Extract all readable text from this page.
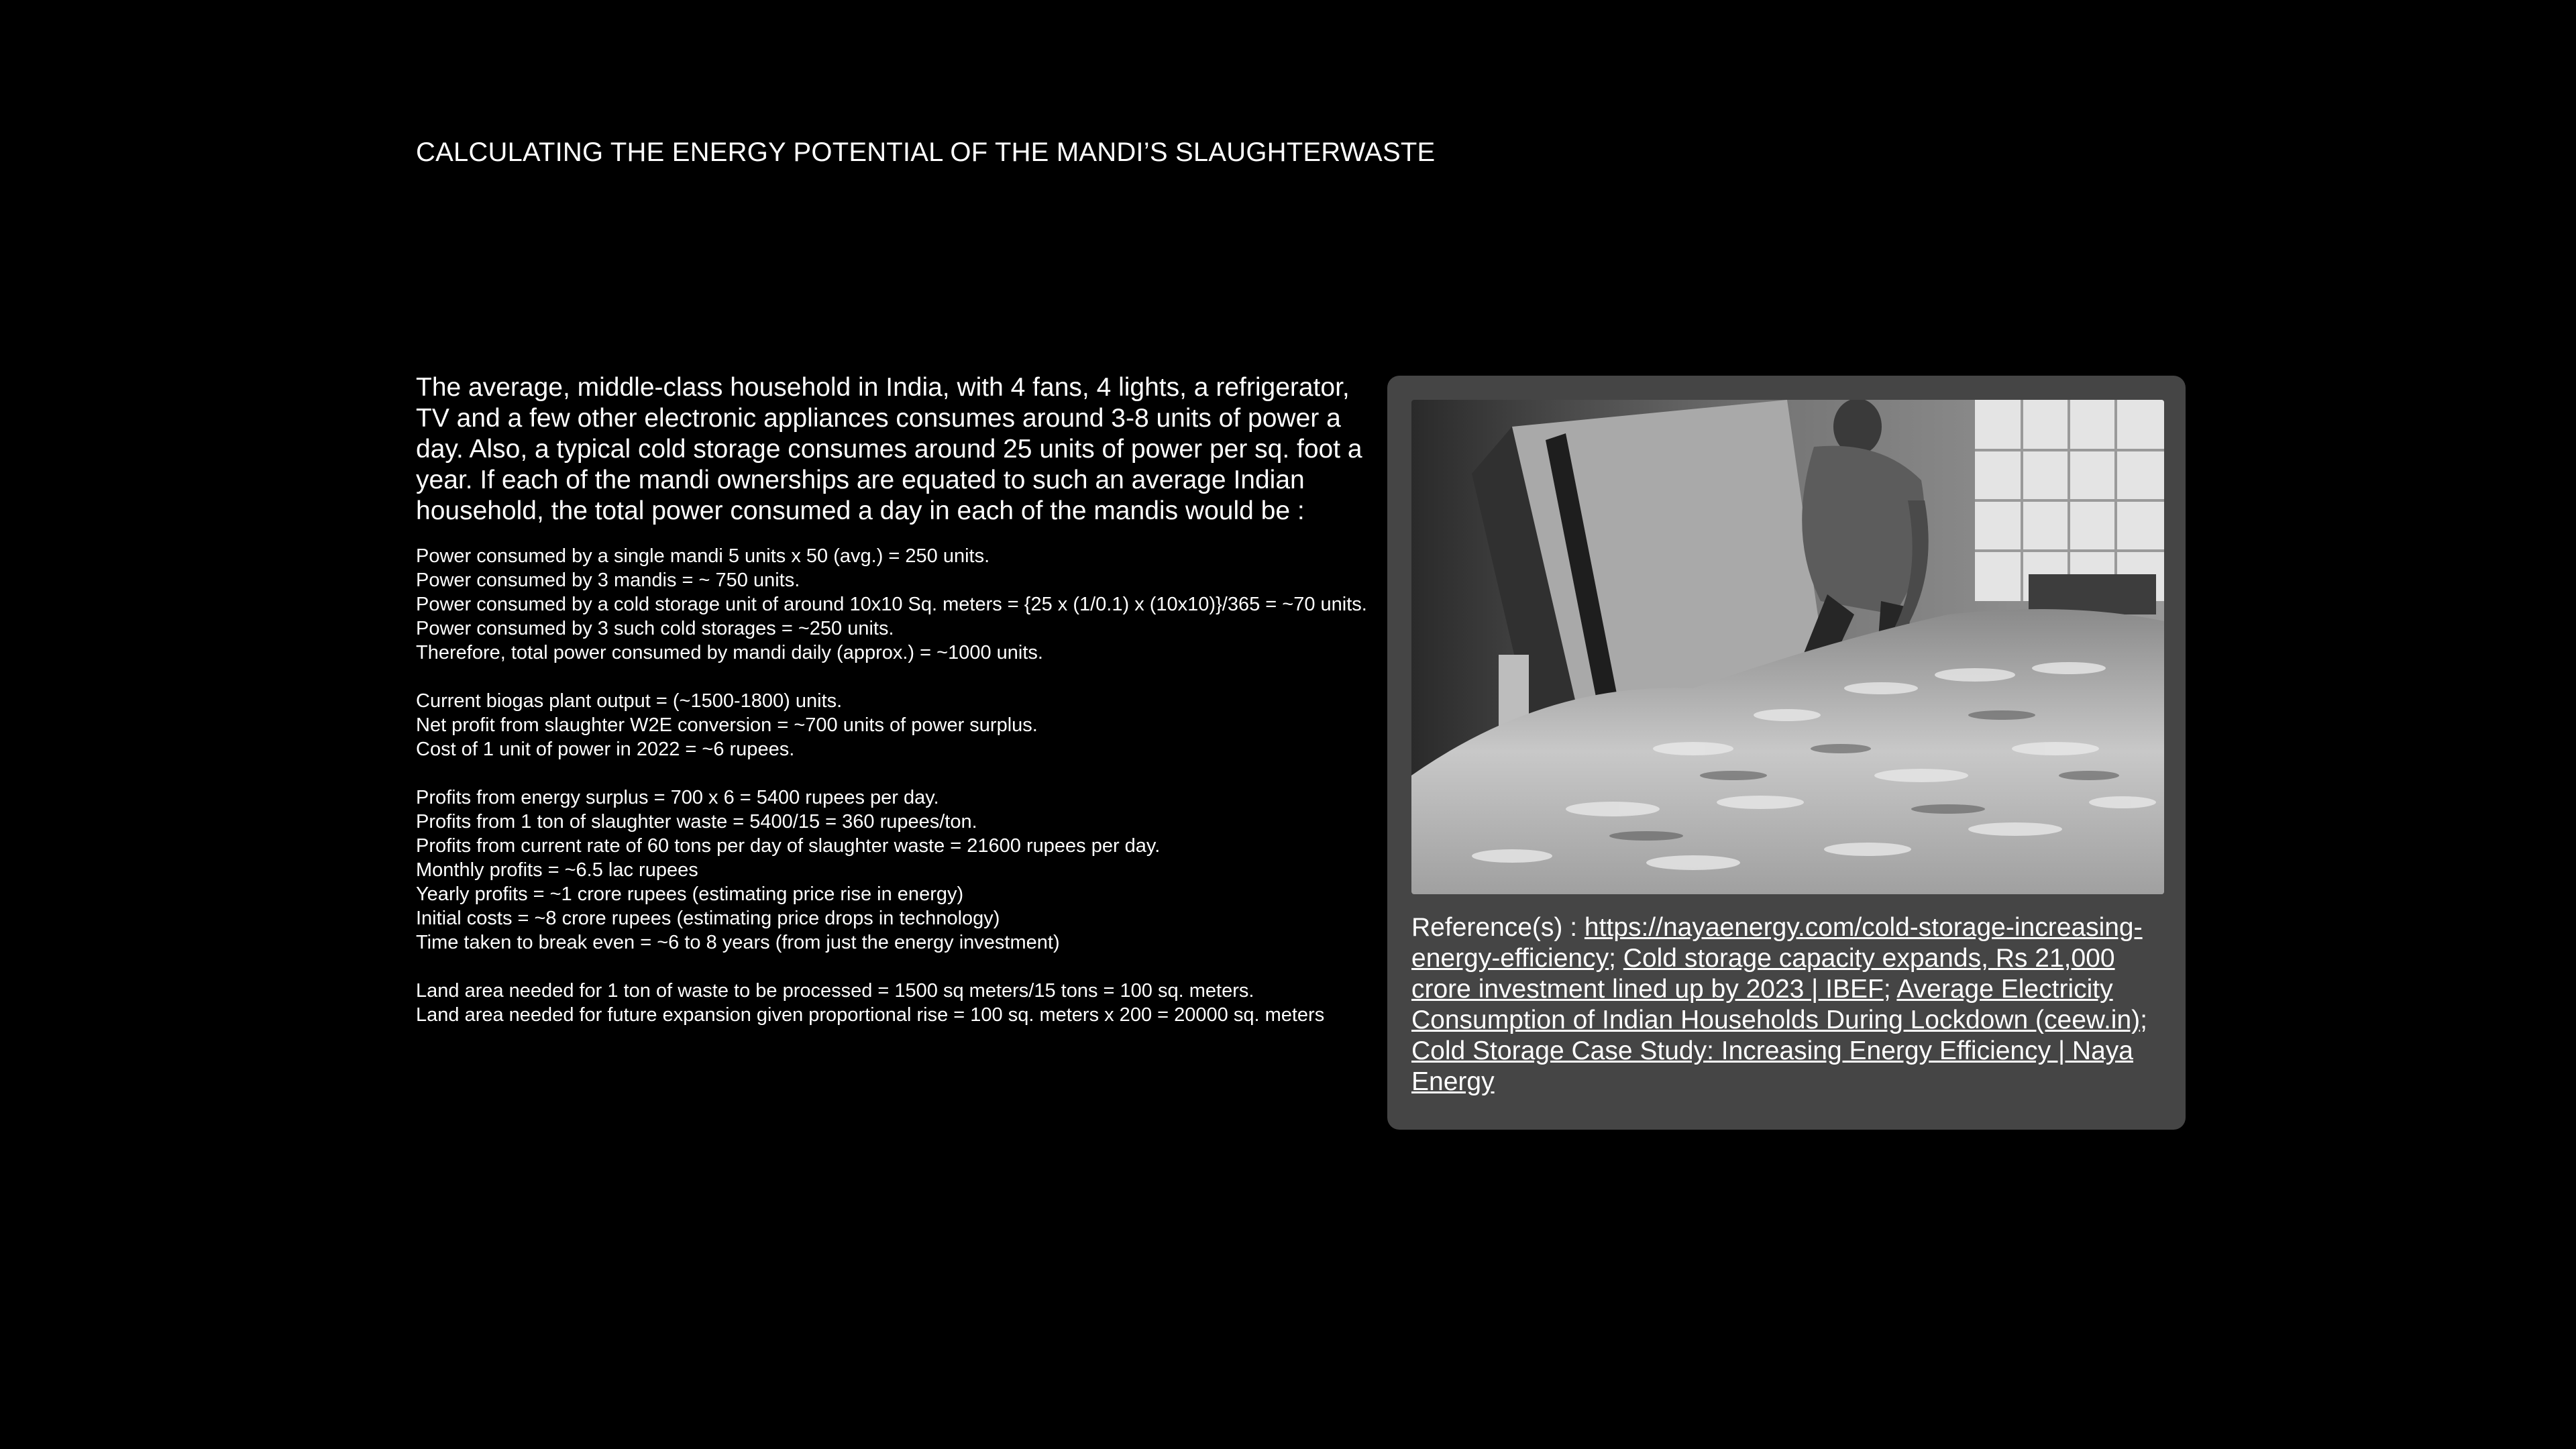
CALCULATING THE ENERGY POTENTIAL OF THE MANDI’S SLAUGHTERWASTE

The average, middle-class household in India, with 4 fans, 4 lights, a refrigerator, TV and a few other electronic appliances consumes around 3-8 units of power a day. Also, a typical cold storage consumes around 25 units of power per sq. foot a year. If each of the mandi ownerships are equated to such an average Indian household, the total power consumed a day in each of the mandis would be :

Power consumed by a single mandi 5 units x 50 (avg.) = 250 units.
Power consumed by 3 mandis = ~ 750 units.
Power consumed by a cold storage unit of around 10x10 Sq. meters = {25 x (1/0.1) x (10x10)}/365 = ~70 units.
Power consumed by 3 such cold storages = ~250 units.
Therefore, total power consumed by mandi daily (approx.) = ~1000 units.
Current biogas plant output = (~1500-1800) units.
Net profit from slaughter W2E conversion = ~700 units of power surplus.
Cost of 1 unit of power in 2022 = ~6 rupees.
Profits from energy surplus = 700 x 6 = 5400 rupees per day.
Profits from 1 ton of slaughter waste = 5400/15 = 360 rupees/ton.
Profits from current rate of 60 tons per day of slaughter waste = 21600 rupees per day.
Monthly profits = ~6.5 lac rupees
Yearly profits = ~1 crore rupees (estimating price rise in energy)
Initial costs = ~8 crore rupees (estimating price drops in technology)
Time taken to break even = ~6 to 8 years (from just the energy investment)
Land area needed for 1 ton of waste to be processed = 1500 sq meters/15 tons = 100 sq. meters.
Land area needed for future expansion given proportional rise = 100 sq. meters x 200 = 20000 sq. meters
Reference(s) : https://nayaenergy.com/cold-storage-increasing-energy-efficiency; Cold storage capacity expands, Rs 21,000 crore investment lined up by 2023 | IBEF; Average Electricity Consumption of Indian Households During Lockdown (ceew.in); Cold Storage Case Study: Increasing Energy Efficiency | Naya Energy
